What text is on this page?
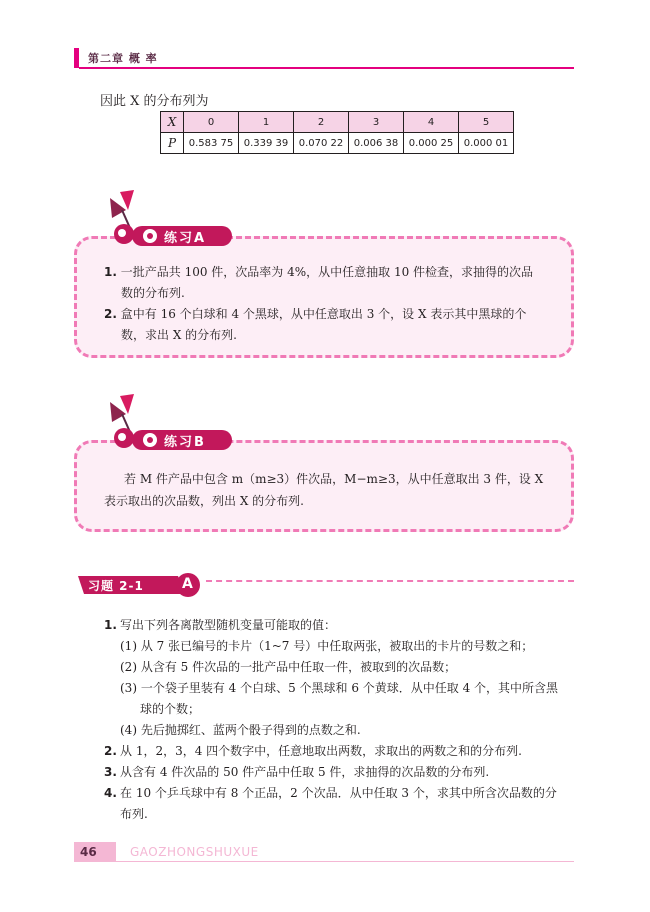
第二章 概 率
因此 X 的分布列为
X	0	1	2	3	4	5
P	0.583 75	0.339 39	0.070 22	0.006 38	0.000 25	0.000 01
练习A
1. 一批产品共 100 件，次品率为 4%，从中任意抽取 10 件检查，求抽得的次品
数的分布列.
2. 盒中有 16 个白球和 4 个黑球，从中任意取出 3 个，设 X 表示其中黑球的个
数，求出 X 的分布列.
练习B
若 M 件产品中包含 m（m≥3）件次品，M−m≥3，从中任意取出 3 件，设 X 表示取出的次品数，列出 X 的分布列.
习题 2-1	A
1. 写出下列各离散型随机变量可能取的值：
(1) 从 7 张已编号的卡片（1~7 号）中任取两张，被取出的卡片的号数之和；
(2) 从含有 5 件次品的一批产品中任取一件，被取到的次品数；
(3) 一个袋子里装有 4 个白球、5 个黑球和 6 个黄球．从中任取 4 个，其中所含黑
球的个数；
(4) 先后抛掷红、蓝两个骰子得到的点数之和.
2. 从 1，2，3，4 四个数字中，任意地取出两数，求取出的两数之和的分布列.
3. 从含有 4 件次品的 50 件产品中任取 5 件，求抽得的次品数的分布列.
4. 在 10 个乒乓球中有 8 个正品，2 个次品．从中任取 3 个，求其中所含次品数的分
布列.
46	GAOZHONGSHUXUE
